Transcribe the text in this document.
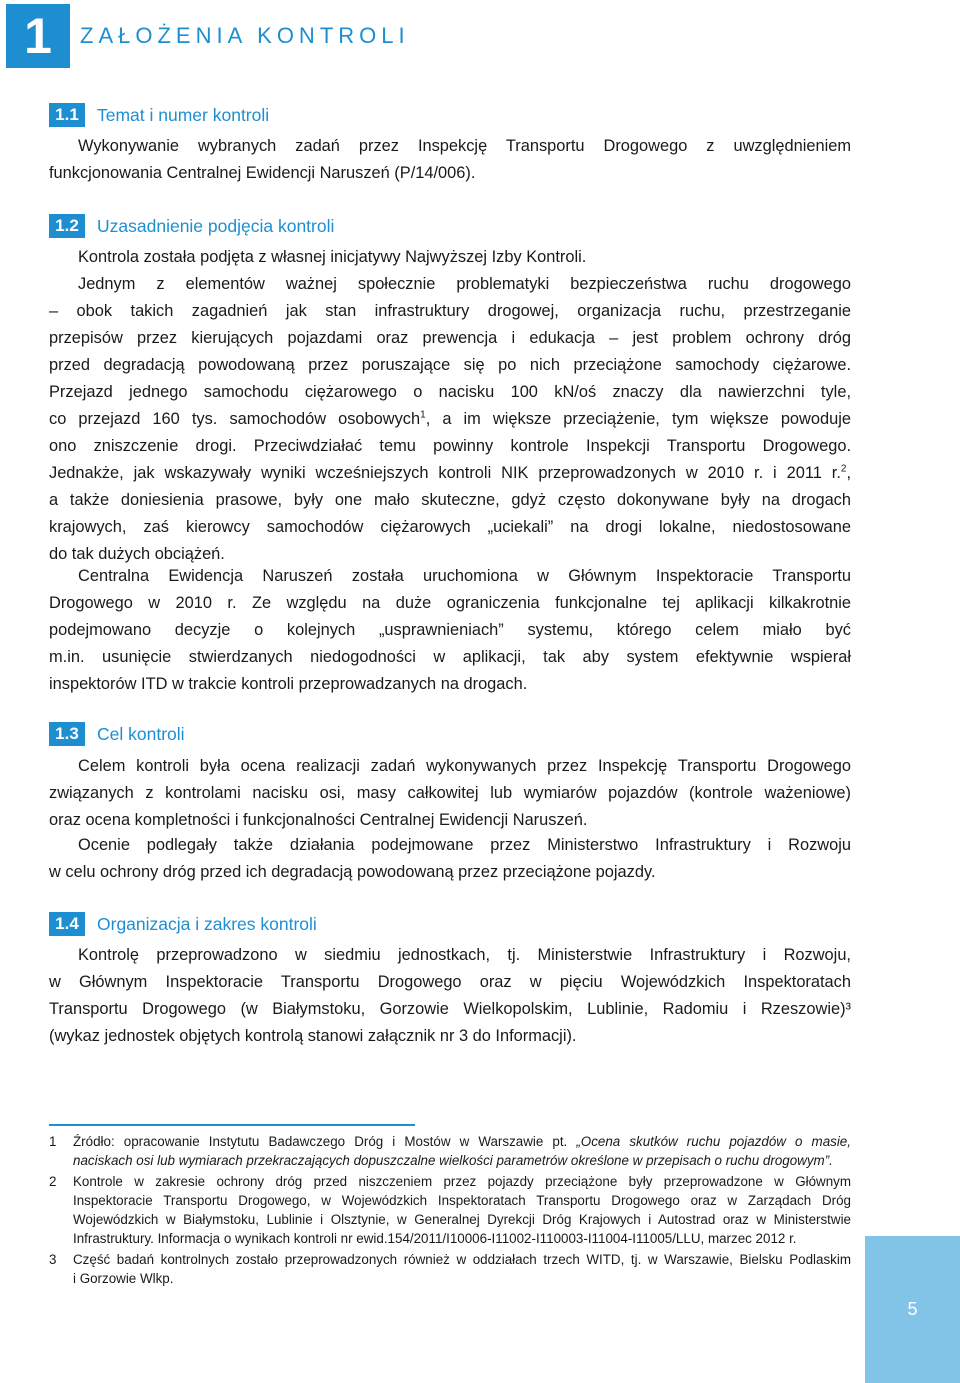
1 ZAŁOŻENIA KONTROLI
1.1	Temat i numer kontroli

Wykonywanie wybranych zadań przez Inspekcję Transportu Drogowego z uwzględnieniem
funkcjonowania Centralnej Ewidencji Naruszeń (P/14/006).

1.2	Uzasadnienie podjęcia kontroli

Kontrola została podjęta z własnej inicjatywy Najwyższej Izby Kontroli.

Jednym z elementów ważnej społecznie problematyki bezpieczeństwa ruchu drogowego
– obok takich zagadnień jak stan infrastruktury drogowej, organizacja ruchu, przestrzeganie
przepisów przez kierujących pojazdami oraz prewencja i edukacja – jest problem ochrony dróg
przed degradacją powodowaną przez poruszające się po nich przeciążone samochody ciężarowe.
Przejazd jednego samochodu ciężarowego o nacisku 100 kN/oś znaczy dla nawierzchni tyle,
co przejazd 160 tys. samochodów osobowych$^1$, a im większe przeciążenie, tym większe powoduje
ono zniszczenie drogi. Przeciwdziałać temu powinny kontrole Inspekcji Transportu Drogowego.
Jednakże, jak wskazywały wyniki wcześniejszych kontroli NIK przeprowadzonych w 2010 r. i 2011 r.$^2$,
a także doniesienia prasowe, były one mało skuteczne, gdyż często dokonywane były na drogach
krajowych, zaś kierowcy samochodów ciężarowych „uciekali” na drogi lokalne, niedostosowane
do tak dużych obciążeń.

Centralna Ewidencja Naruszeń została uruchomiona w Głównym Inspektoracie Transportu
Drogowego w 2010 r. Ze względu na duże ograniczenia funkcjonalne tej aplikacji kilkakrotnie
podejmowano decyzje o kolejnych „usprawnieniach” systemu, którego celem miało być
m.in. usunięcie stwierdzanych niedogodności w aplikacji, tak aby system efektywnie wspierał
inspektorów ITD w trakcie kontroli przeprowadzanych na drogach.

1.3	Cel kontroli

Celem kontroli była ocena realizacji zadań wykonywanych przez Inspekcję Transportu Drogowego
związanych z kontrolami nacisku osi, masy całkowitej lub wymiarów pojazdów (kontrole ważeniowe)
oraz ocena kompletności i funkcjonalności Centralnej Ewidencji Naruszeń.

Ocenie podlegały także działania podejmowane przez Ministerstwo Infrastruktury i Rozwoju
w celu ochrony dróg przed ich degradacją powodowaną przez przeciążone pojazdy.

1.4	Organizacja i zakres kontroli

Kontrolę przeprowadzono w siedmiu jednostkach, tj. Ministerstwie Infrastruktury i Rozwoju,
w Głównym Inspektoracie Transportu Drogowego oraz w pięciu Wojewódzkich Inspektoratach
Transportu Drogowego (w Białymstoku, Gorzowie Wielkopolskim, Lublinie, Radomiu i Rzeszowie)³
(wykaz jednostek objętych kontrolą stanowi załącznik nr 3 do Informacji).

1 Źródło: opracowanie Instytutu Badawczego Dróg i Mostów w Warszawie pt. „Ocena skutków ruchu pojazdów o masie,
naciskach osi lub wymiarach przekraczających dopuszczalne wielkości parametrów określone w przepisach o ruchu drogowym”.
2 Kontrole w zakresie ochrony dróg przed niszczeniem przez pojazdy przeciążone były przeprowadzone w Głównym
Inspektoracie Transportu Drogowego, w Wojewódzkich Inspektoratach Transportu Drogowego oraz w Zarządach Dróg
Wojewódzkich w Białymstoku, Lublinie i Olsztynie, w Generalnej Dyrekcji Dróg Krajowych i Autostrad oraz w Ministerstwie
Infrastruktury. Informacja o wynikach kontroli nr ewid.154/2011/I10006-I11002-I110003-I11004-I11005/LLU, marzec 2012 r.
3 Część badań kontrolnych zostało przeprowadzonych również w oddziałach trzech WITD, tj. w Warszawie, Bielsku Podlaskim
i Gorzowie Wlkp.
5
